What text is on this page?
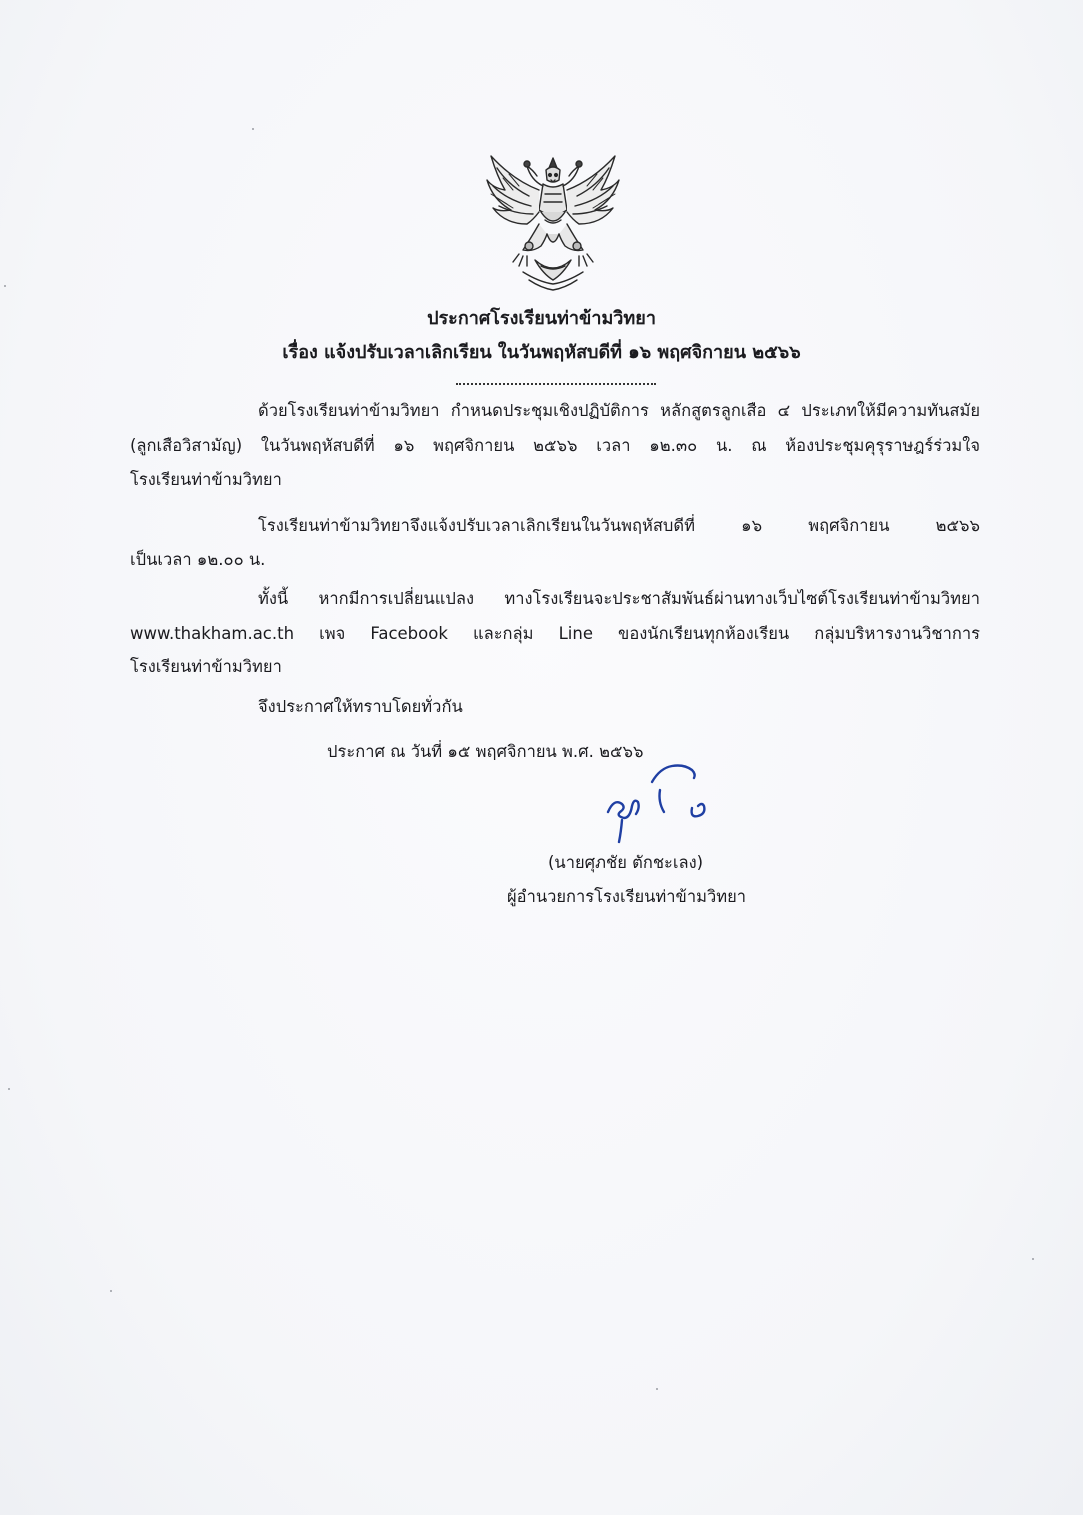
ประกาศโรงเรียนท่าข้ามวิทยา
เรื่อง แจ้งปรับเวลาเลิกเรียน ในวันพฤหัสบดีที่ ๑๖ พฤศจิกายน ๒๕๖๖
ด้วยโรงเรียนท่าข้ามวิทยา กำหนดประชุมเชิงปฏิบัติการ หลักสูตรลูกเสือ ๔ ประเภทให้มีความทันสมัย
(ลูกเสือวิสามัญ) ในวันพฤหัสบดีที่ ๑๖ พฤศจิกายน ๒๕๖๖ เวลา ๑๒.๓๐ น. ณ ห้องประชุมคุรุราษฎร์ร่วมใจ
โรงเรียนท่าข้ามวิทยา
โรงเรียนท่าข้ามวิทยาจึงแจ้งปรับเวลาเลิกเรียนในวันพฤหัสบดีที่ ๑๖ พฤศจิกายน ๒๕๖๖
เป็นเวลา ๑๒.๐๐ น.
ทั้งนี้ หากมีการเปลี่ยนแปลง ทางโรงเรียนจะประชาสัมพันธ์ผ่านทางเว็บไซต์โรงเรียนท่าข้ามวิทยา
www.thakham.ac.th เพจ Facebook และกลุ่ม Line ของนักเรียนทุกห้องเรียน กลุ่มบริหารงานวิชาการ
โรงเรียนท่าข้ามวิทยา
จึงประกาศให้ทราบโดยทั่วกัน
ประกาศ ณ วันที่ ๑๕ พฤศจิกายน พ.ศ. ๒๕๖๖
(นายศุภชัย ตักชะเลง)
ผู้อำนวยการโรงเรียนท่าข้ามวิทยา
